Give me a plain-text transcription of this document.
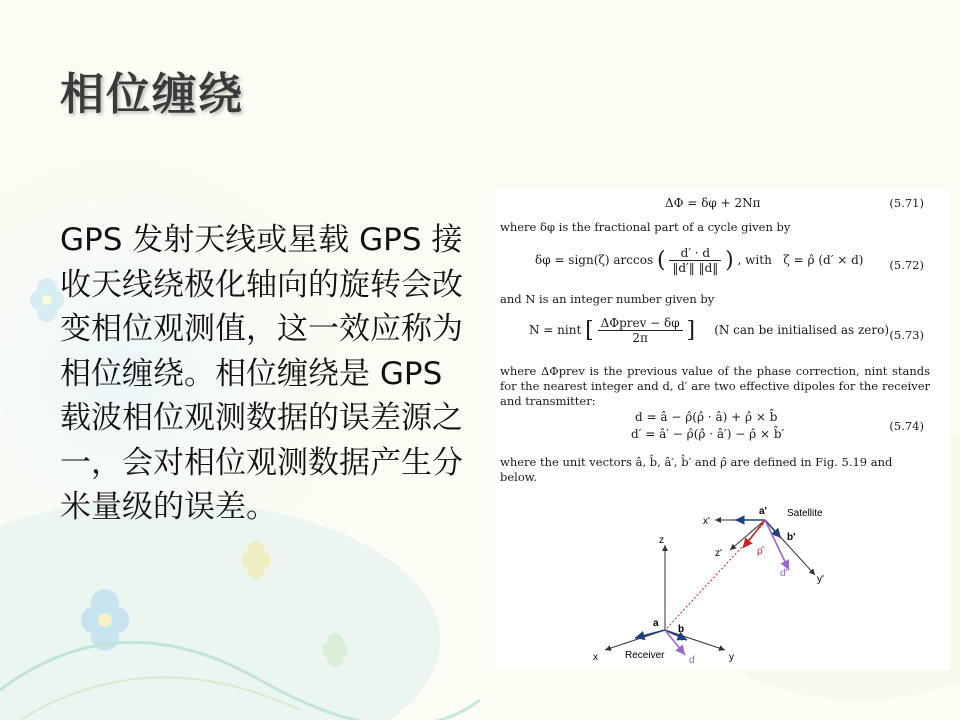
相位缠绕
GPS 发射天线或星载 GPS 接收天线绕极化轴向的旋转会改变相位观测值，这一效应称为相位缠绕。相位缠绕是 GPS 载波相位观测数据的误差源之一，会对相位观测数据产生分米量级的误差。
ΔΦ = δφ + 2Nπ	(5.71)
where δφ is the fractional part of a cycle given by
δφ = sign(ζ) arccos ( $\frac{d' \cdot d}{‖d'‖ ‖d‖}$ ) , with ζ = ρ̂ (d′ × d) (5.72)
and N is an integer number given by
N = nint [ $\frac{\text{ΔΦprev − δφ}}{2\pi}$ ] (N can be initialised as zero) (5.73)
where ΔΦprev is the previous value of the phase correction, nint stands for the nearest integer and d, d′ are two effective dipoles for the receiver and transmitter:
d = â − ρ̂(ρ̂ · â) + ρ̂ × b̂
d′ = â′ − ρ̂(ρ̂ · â′) − ρ̂ × b̂′
(5.74)
where the unit vectors â, b̂, â′, b̂′ and ρ̂ are defined in Fig. 5.19 and below.
Satellite
a'
b'
x'
z'
y'
d'
ρ̂
z
a
b
x	y
d
Receiver
